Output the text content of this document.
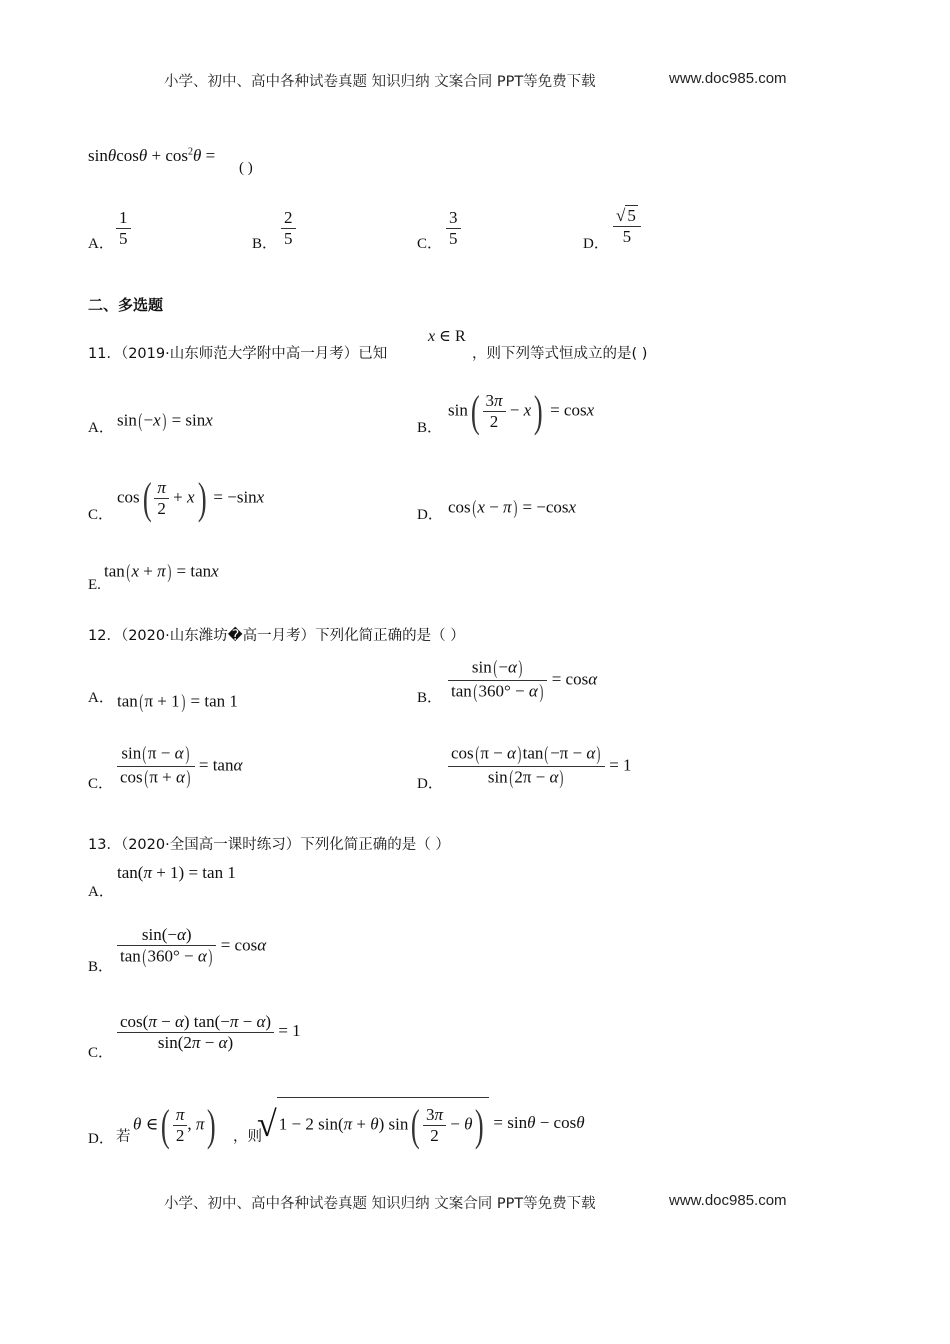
小学、初中、高中各种试卷真题 知识归纳 文案合同 PPT等免费下载	www.doc985.com
$\sin\theta\cos\theta + \cos^2\theta$ =
( )
A． $\frac{1}{5}$	B． $\frac{2}{5}$	C． $\frac{3}{5}$	D． $\frac{√ 5}{5}$
二、多选题
11．（2019·山东师范大学附中高一月考）已知
x ∈ R
，则下列等式恒成立的是( )
A． sin(−x) = sinx	B．
$\sin( \frac{3\pi}{2} - x) = \cos x$
C．
$\cos( \frac{\pi}{2} + x) = -\sin x$
D． cos(x − π) = −cosx
E.
tan(x + π) = tanx
12．（2020·山东潍坊�高一月考）下列化简正确的是（ ）
A． tan(π + 1) = tan 1	B． $\frac{\sin(-\alpha)}{\tan(360^\circ - \alpha)} = \cos\alpha$
C． $\frac{\sin(\pi - \alpha)}{\cos(\pi + \alpha)} = \tan\alpha$
D． $\frac{\cos(\pi - \alpha)\tan(-\pi - \alpha)}{\sin(2\pi - \alpha)} = 1$
13．（2020·全国高一课时练习）下列化简正确的是（ ）
A．
tan(π + 1) = tan 1
B． $\frac{\sin(-\alpha)}{\tan(360^\circ - \alpha)} = \cos\alpha$
C．
$\frac{\cos(\pi - \alpha) \tan(-\pi - \alpha)}{\sin(2\pi - \alpha)} = 1$
D． 若
θ ∈( $\frac{\pi}{2}$ , π) ，则
√ 1 − 2 sin(π + θ) $\sin( \frac{3\pi}{2} - \theta) = \sin\theta - \cos\theta$
小学、初中、高中各种试卷真题 知识归纳 文案合同 PPT等免费下载	www.doc985.com
